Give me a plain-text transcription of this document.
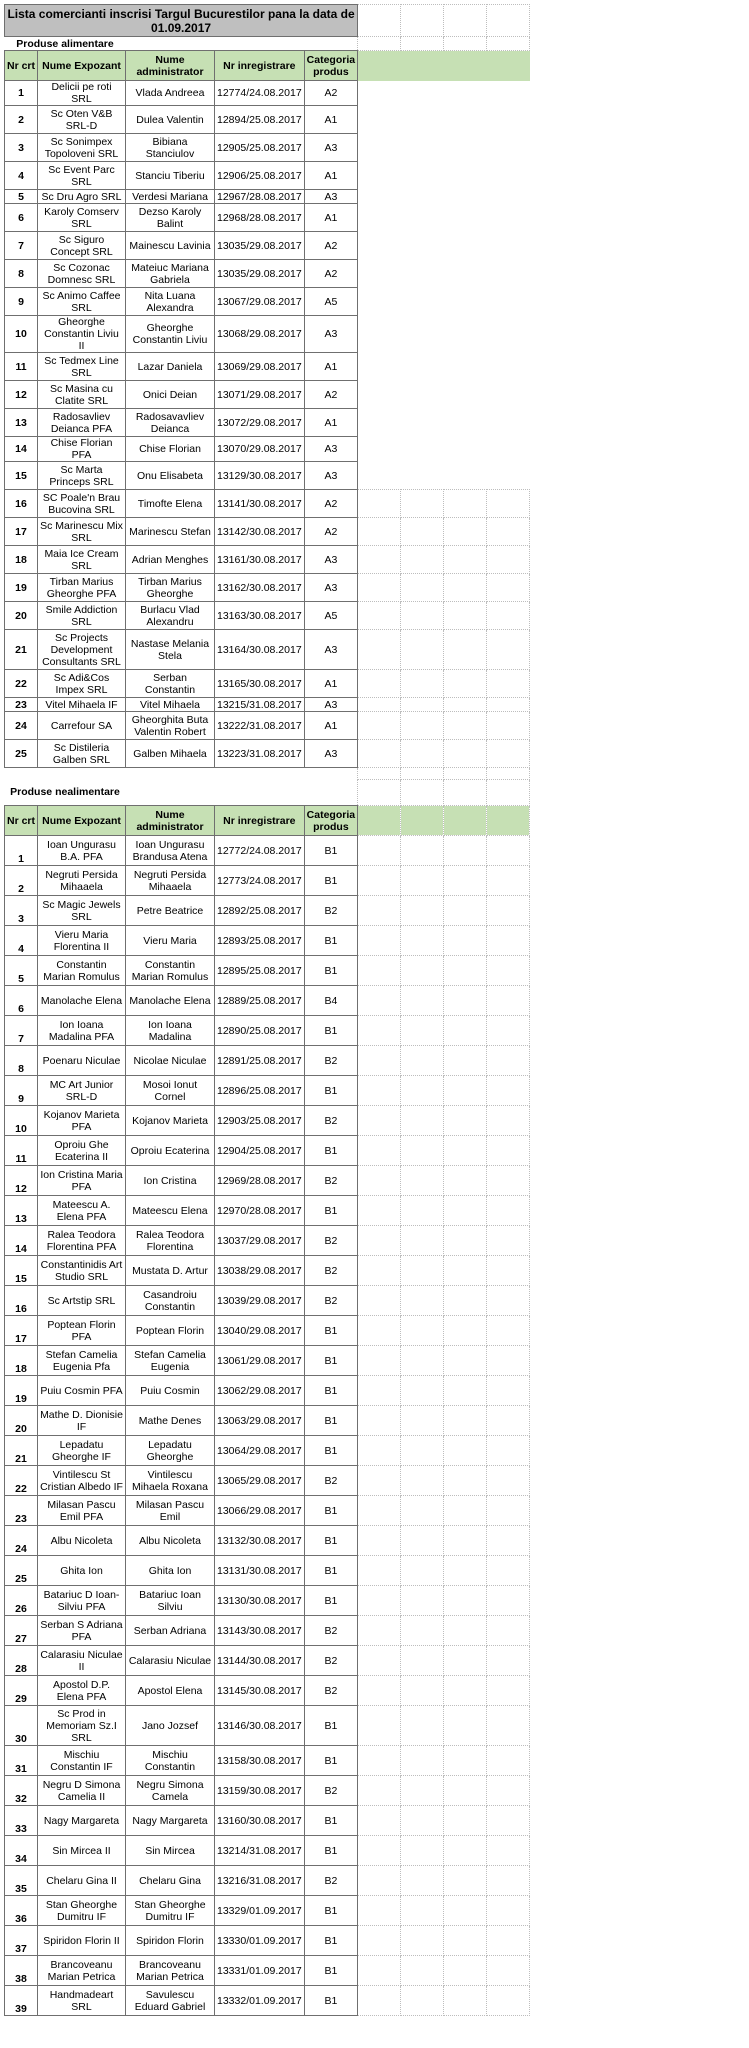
Lista comercianti inscrisi Targul Bucurestilor pana la data de 01.09.2017								
Produse alimentare								
Nr crt	Nume Expozant	Nume administrator	Nr inregistrare	Categoria produs				
1	Delicii pe roti SRL	Vlada Andreea	12774/24.08.2017	A2				
2	Sc Oten V&B SRL-D	Dulea Valentin	12894/25.08.2017	A1				
3	Sc Sonimpex Topoloveni SRL	Bibiana Stanciulov	12905/25.08.2017	A3				
4	Sc Event Parc SRL	Stanciu Tiberiu	12906/25.08.2017	A1				
5	Sc Dru Agro SRL	Verdesi Mariana	12967/28.08.2017	A3				
6	Karoly Comserv SRL	Dezso Karoly Balint	12968/28.08.2017	A1				
7	Sc Siguro Concept SRL	Mainescu Lavinia	13035/29.08.2017	A2				
8	Sc Cozonac Domnesc SRL	Mateiuc Mariana Gabriela	13035/29.08.2017	A2				
9	Sc Animo Caffee SRL	Nita Luana Alexandra	13067/29.08.2017	A5				
10	Gheorghe Constantin Liviu II	Gheorghe Constantin Liviu	13068/29.08.2017	A3				
11	Sc Tedmex Line SRL	Lazar Daniela	13069/29.08.2017	A1				
12	Sc Masina cu Clatite SRL	Onici Deian	13071/29.08.2017	A2				
13	Radosavliev Deianca PFA	Radosavavliev Deianca	13072/29.08.2017	A1				
14	Chise Florian PFA	Chise Florian	13070/29.08.2017	A3				
15	Sc Marta Princeps SRL	Onu Elisabeta	13129/30.08.2017	A3				
16	SC Poale'n Brau Bucovina SRL	Timofte Elena	13141/30.08.2017	A2				
17	Sc Marinescu Mix SRL	Marinescu Stefan	13142/30.08.2017	A2				
18	Maia Ice Cream SRL	Adrian Menghes	13161/30.08.2017	A3				
19	Tirban Marius Gheorghe PFA	Tirban Marius Gheorghe	13162/30.08.2017	A3				
20	Smile Addiction SRL	Burlacu Vlad Alexandru	13163/30.08.2017	A5				
21	Sc Projects Development Consultants SRL	Nastase Melania Stela	13164/30.08.2017	A3				
22	Sc Adi&Cos Impex SRL	Serban Constantin	13165/30.08.2017	A1				
23	Vitel Mihaela IF	Vitel Mihaela	13215/31.08.2017	A3				
24	Carrefour SA	Gheorghita Buta Valentin Robert	13222/31.08.2017	A1				
25	Sc Distileria Galben SRL	Galben Mihaela	13223/31.08.2017	A3				

Produse nealimentare								
Nr crt	Nume Expozant	Nume administrator	Nr inregistrare	Categoria produs				
1	Ioan Ungurasu B.A. PFA	Ioan Ungurasu Brandusa Atena	12772/24.08.2017	B1				
2	Negruti Persida Mihaaela	Negruti Persida Mihaaela	12773/24.08.2017	B1				
3	Sc Magic Jewels SRL	Petre Beatrice	12892/25.08.2017	B2				
4	Vieru Maria Florentina II	Vieru Maria	12893/25.08.2017	B1				
5	Constantin Marian Romulus	Constantin Marian Romulus	12895/25.08.2017	B1				
6	Manolache Elena	Manolache Elena	12889/25.08.2017	B4				
7	Ion Ioana Madalina PFA	Ion Ioana Madalina	12890/25.08.2017	B1				
8	Poenaru Niculae	Nicolae Niculae	12891/25.08.2017	B2				
9	MC Art Junior SRL-D	Mosoi Ionut Cornel	12896/25.08.2017	B1				
10	Kojanov Marieta PFA	Kojanov Marieta	12903/25.08.2017	B2				
11	Oproiu Ghe Ecaterina II	Oproiu Ecaterina	12904/25.08.2017	B1				
12	Ion Cristina Maria PFA	Ion Cristina	12969/28.08.2017	B2				
13	Mateescu A. Elena PFA	Mateescu Elena	12970/28.08.2017	B1				
14	Ralea Teodora Florentina PFA	Ralea Teodora Florentina	13037/29.08.2017	B2				
15	Constantinidis Art Studio SRL	Mustata D. Artur	13038/29.08.2017	B2				
16	Sc Artstip SRL	Casandroiu Constantin	13039/29.08.2017	B2				
17	Poptean Florin PFA	Poptean Florin	13040/29.08.2017	B1				
18	Stefan Camelia Eugenia Pfa	Stefan Camelia Eugenia	13061/29.08.2017	B1				
19	Puiu Cosmin PFA	Puiu Cosmin	13062/29.08.2017	B1				
20	Mathe D. Dionisie IF	Mathe Denes	13063/29.08.2017	B1				
21	Lepadatu Gheorghe IF	Lepadatu Gheorghe	13064/29.08.2017	B1				
22	Vintilescu St Cristian Albedo IF	Vintilescu Mihaela Roxana	13065/29.08.2017	B2				
23	Milasan Pascu Emil PFA	Milasan Pascu Emil	13066/29.08.2017	B1				
24	Albu Nicoleta	Albu Nicoleta	13132/30.08.2017	B1				
25	Ghita Ion	Ghita Ion	13131/30.08.2017	B1				
26	Batariuc D Ioan-Silviu PFA	Batariuc Ioan Silviu	13130/30.08.2017	B1				
27	Serban S Adriana PFA	Serban Adriana	13143/30.08.2017	B2				
28	Calarasiu Niculae II	Calarasiu Niculae	13144/30.08.2017	B2				
29	Apostol D.P. Elena PFA	Apostol Elena	13145/30.08.2017	B2				
30	Sc Prod in Memoriam Sz.I SRL	Jano Jozsef	13146/30.08.2017	B1				
31	Mischiu Constantin IF	Mischiu Constantin	13158/30.08.2017	B1				
32	Negru D Simona Camelia II	Negru Simona Camela	13159/30.08.2017	B2				
33	Nagy Margareta	Nagy Margareta	13160/30.08.2017	B1				
34	Sin Mircea II	Sin Mircea	13214/31.08.2017	B1				
35	Chelaru Gina II	Chelaru Gina	13216/31.08.2017	B2				
36	Stan Gheorghe Dumitru IF	Stan Gheorghe Dumitru IF	13329/01.09.2017	B1				
37	Spiridon Florin II	Spiridon Florin	13330/01.09.2017	B1				
38	Brancoveanu Marian Petrica	Brancoveanu Marian Petrica	13331/01.09.2017	B1				
39	Handmadeart SRL	Savulescu Eduard Gabriel	13332/01.09.2017	B1				
